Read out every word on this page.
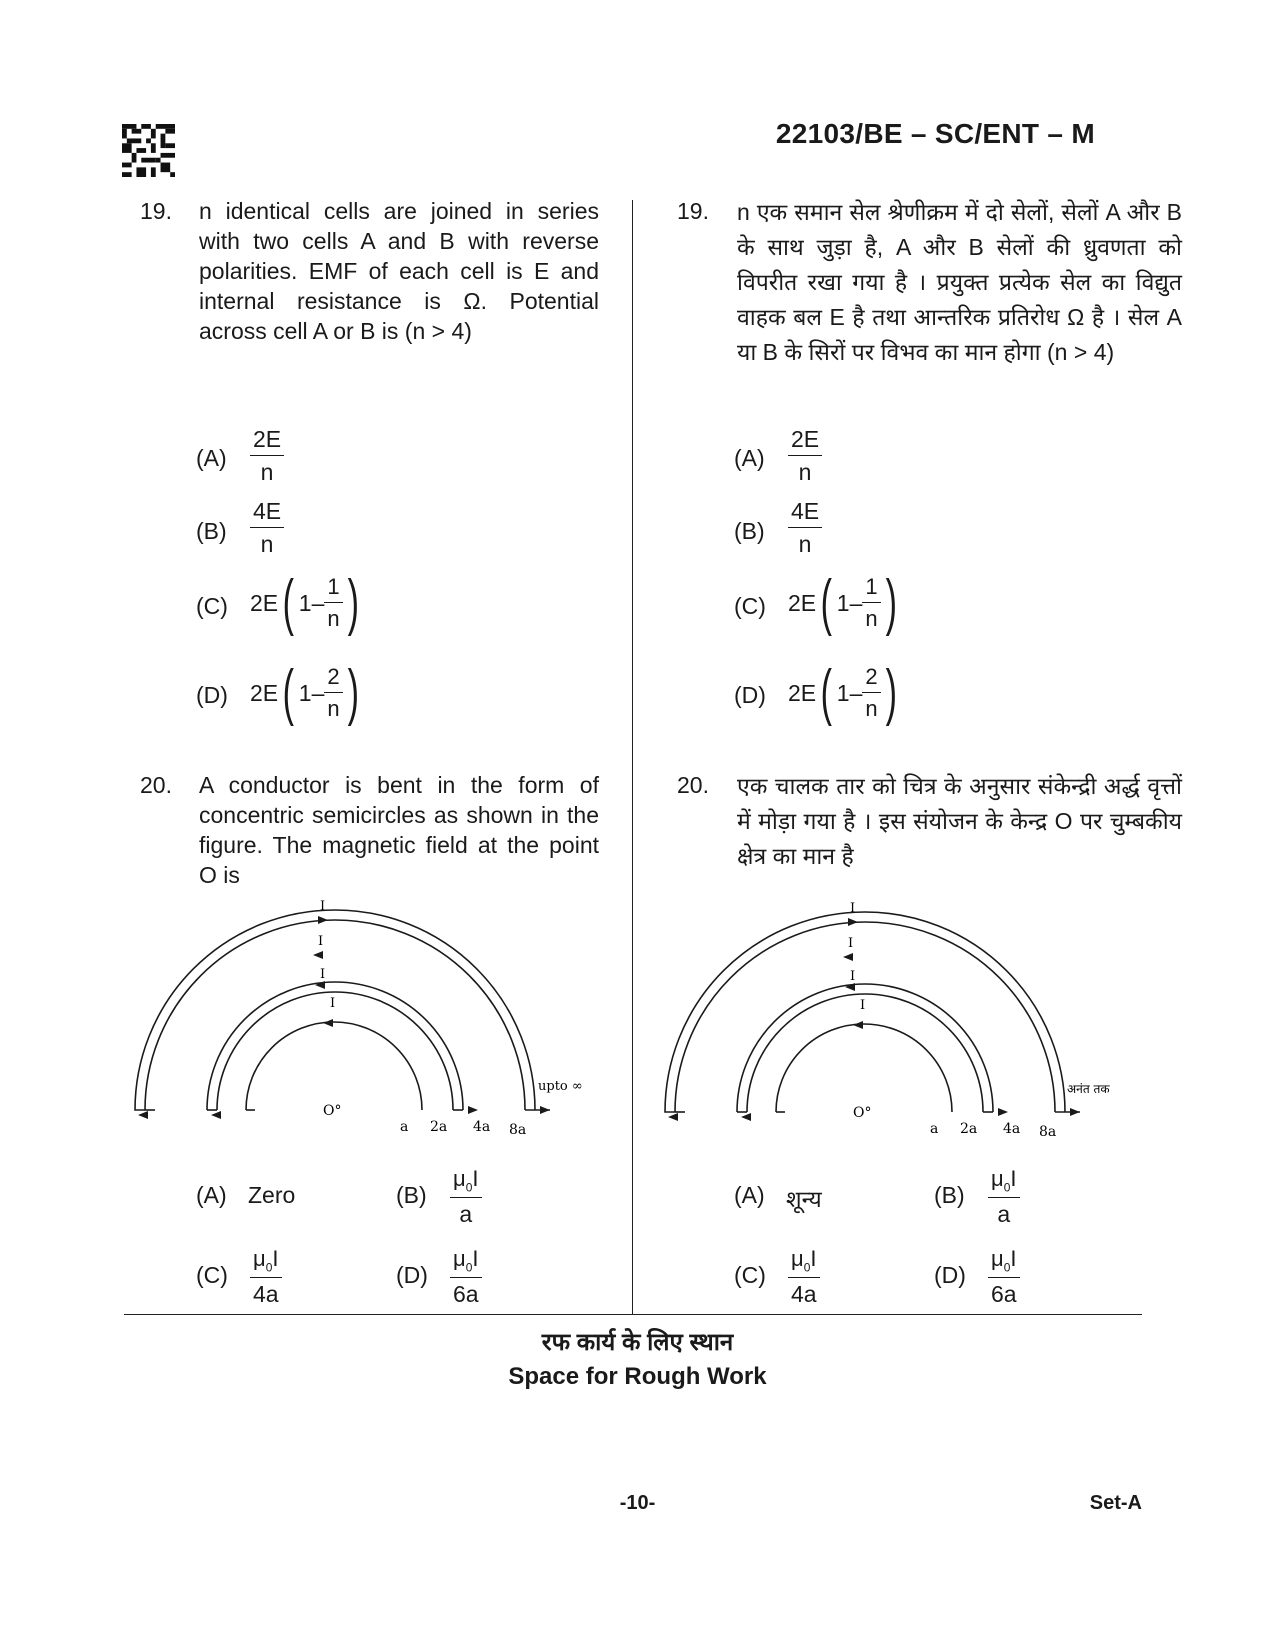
22103/BE – SC/ENT – M
19. n identical cells are joined in series with two cells A and B with reverse polarities. EMF of each cell is E and internal resistance is Ω. Potential across cell A or B is (n > 4)
$(A) \frac{2E}{n}$
$(B) \frac{4E}{n}$
(C) 2E ( $1- \frac{1}{n}$ )
(D) 2E ( $1- \frac{2}{n}$ )
20. A conductor is bent in the form of concentric semicircles as shown in the figure. The magnetic field at the point O is
I
I
I
I
O°
a 2a 4a 8a
upto ∞
(A) Zero	$(B) \frac{\mu_0I}{a}$
$(C) \frac{\mu_0I}{4a}$	$(D) \frac{\mu_0I}{6a}$
19. n एक समान सेल श्रेणीक्रम में दो सेलों, सेलों A और B के साथ जुड़ा है, A और B सेलों की ध्रुवणता को विपरीत रखा गया है । प्रयुक्त प्रत्येक सेल का विद्युत वाहक बल E है तथा आन्तरिक प्रतिरोध Ω है । सेल A या B के सिरों पर विभव का मान होगा (n > 4)
$(A) \frac{2E}{n}$
$(B) \frac{4E}{n}$
(C) 2E ( $1- \frac{1}{n}$ )
(D) 2E ( $1- \frac{2}{n}$ )
20. एक चालक तार को चित्र के अनुसार संकेन्द्री अर्द्ध वृत्तों में मोड़ा गया है । इस संयोजन के केन्द्र O पर चुम्बकीय क्षेत्र का मान है
I
I
I
I
O°
a 2a 4a 8a
अनंत तक
(A) शून्य	$(B) \frac{\mu_0I}{a}$
$(C) \frac{\mu_0I}{4a}$	$(D) \frac{\mu_0I}{6a}$
रफ कार्य के लिए स्थान
Space for Rough Work
-10-	Set-A
